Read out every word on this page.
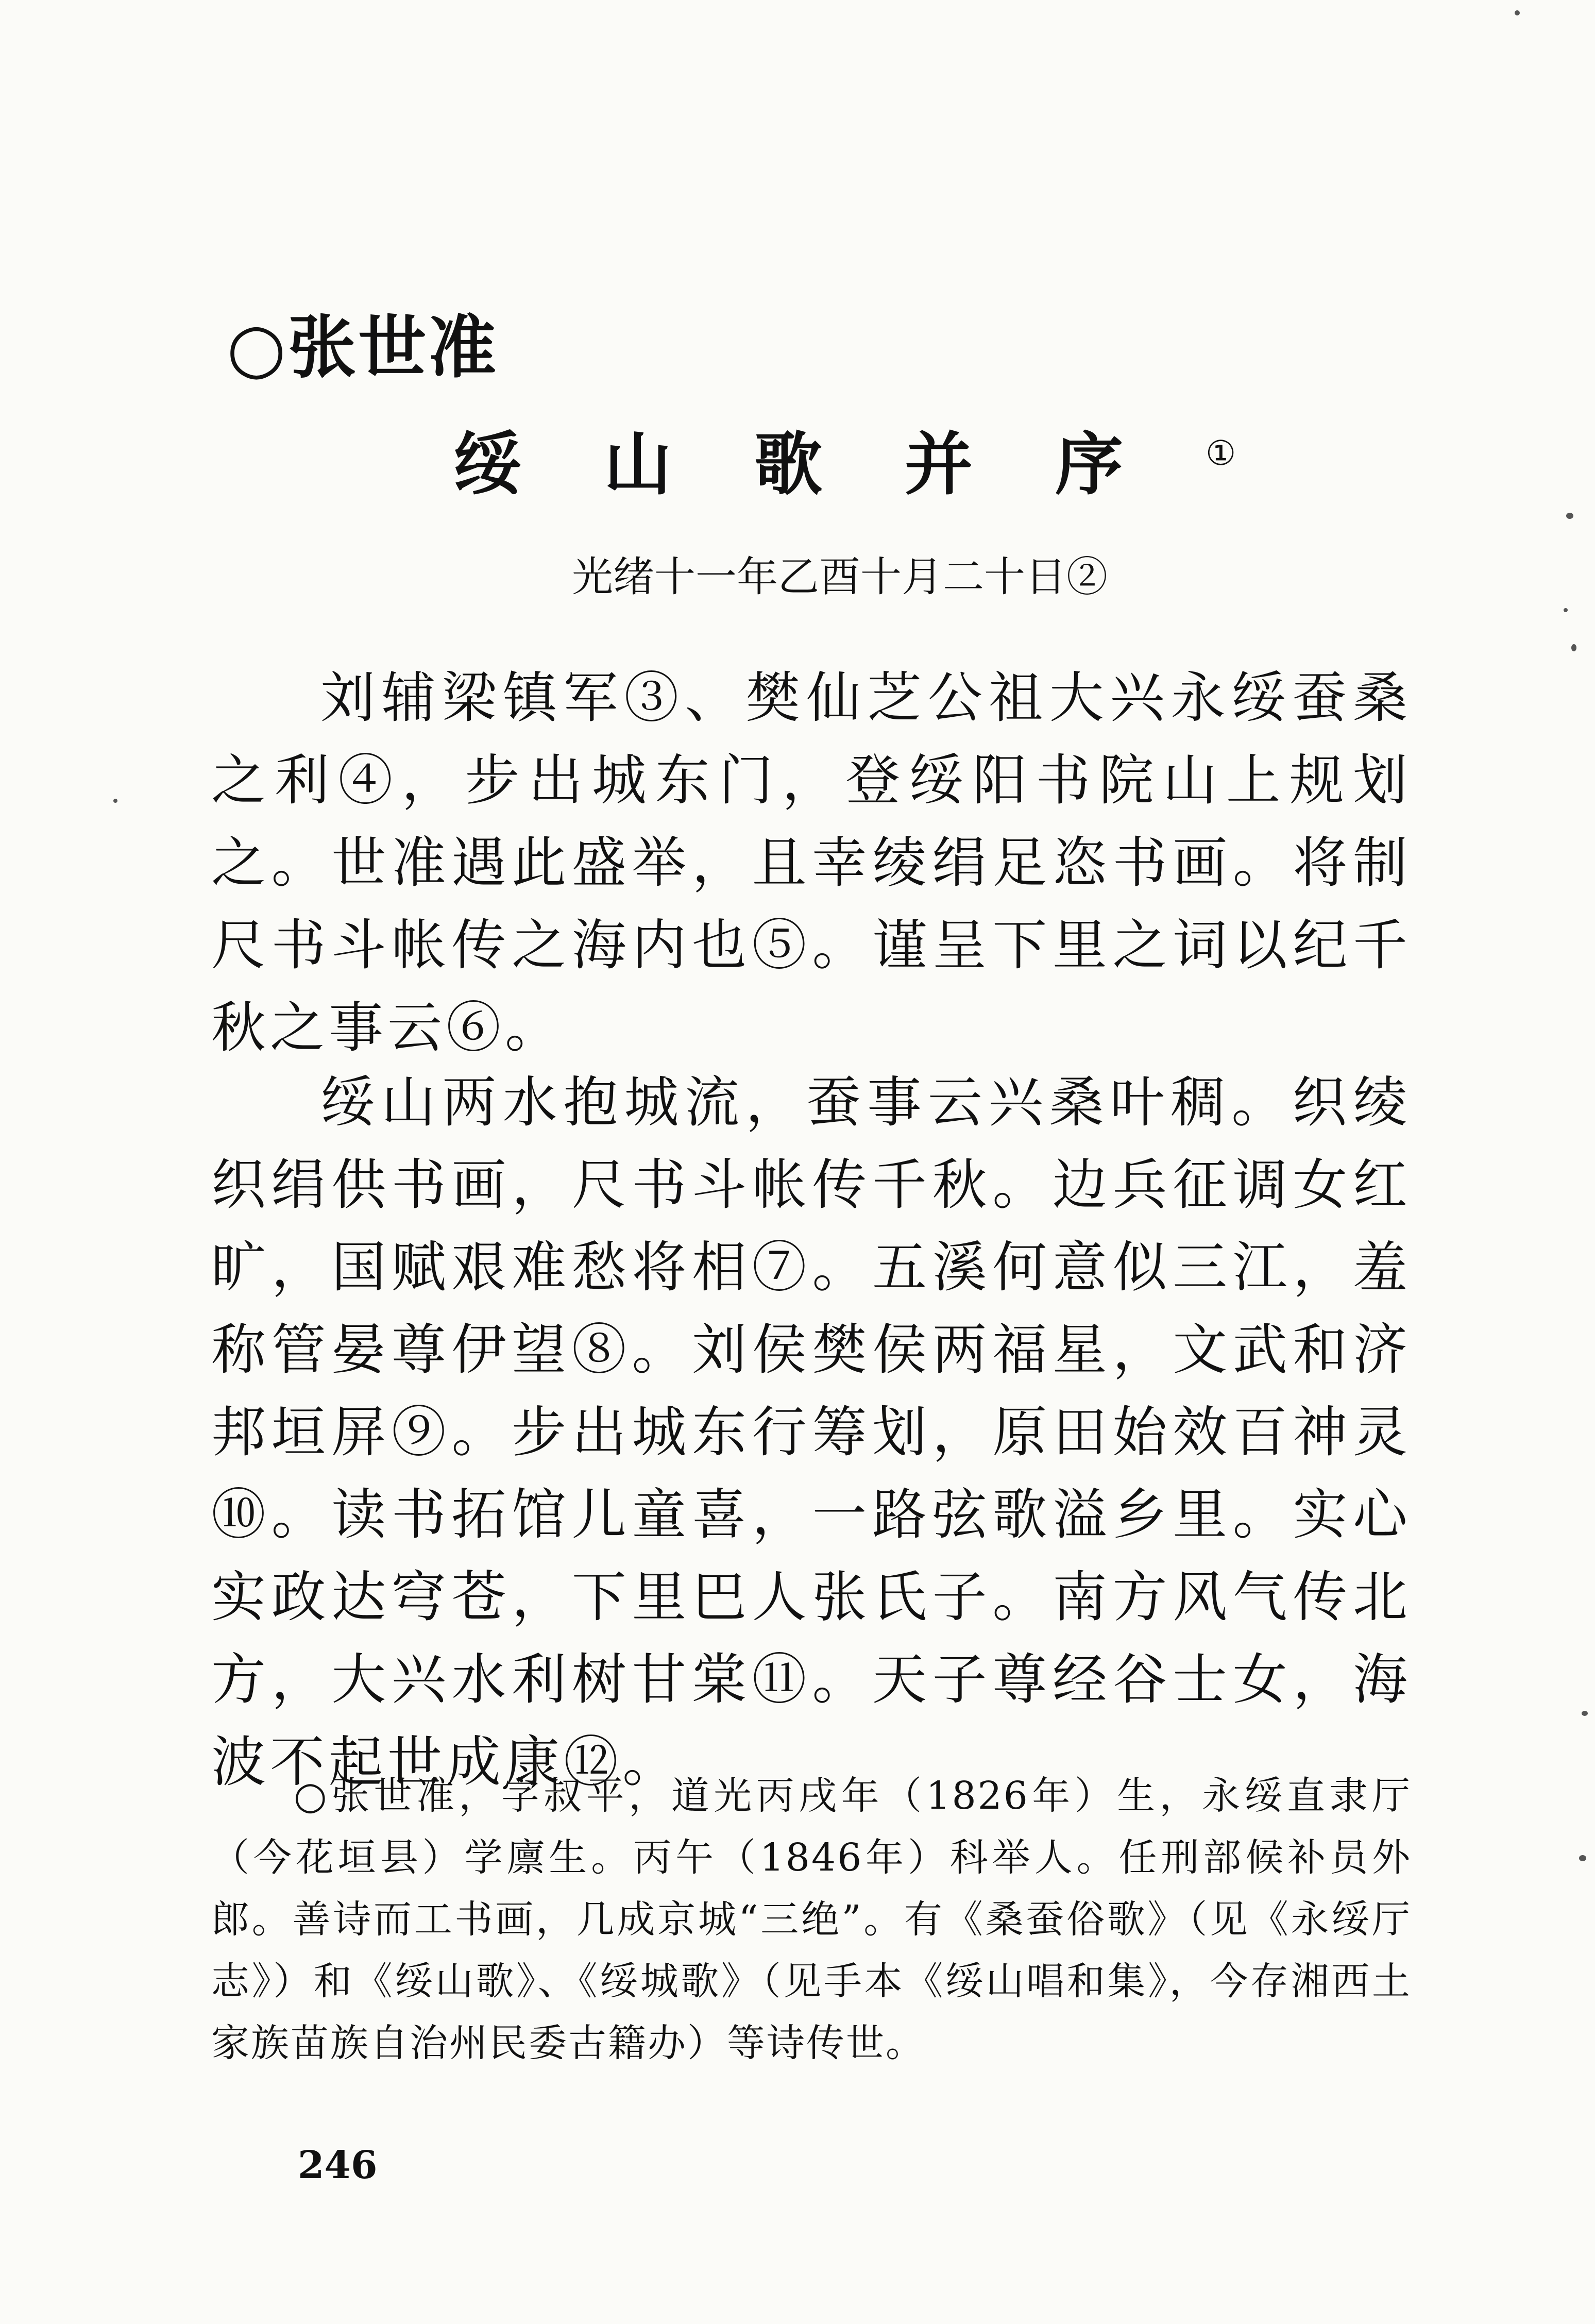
○张世准
绥山歌并序①
光绪十一年乙酉十月二十日②

刘辅梁镇军③、樊仙芝公祖大兴永绥蚕桑之利④，步出城东门，登绥阳书院山上规划之。世准遇此盛举，且幸绫绢足恣书画。将制尺书斗帐传之海内也⑤。谨呈下里之词以纪千秋之事云⑥。

绥山两水抱城流，蚕事云兴桑叶稠。织绫织绢供书画，尺书斗帐传千秋。边兵征调女红旷，国赋艰难愁将相⑦。五溪何意似三江，羞称管晏尊伊望⑧。刘侯樊侯两福星，文武和济邦垣屏⑨。步出城东行筹划，原田始效百神灵⑩。读书拓馆儿童喜，一路弦歌溢乡里。实心实政达穹苍，下里巴人张氏子。南方风气传北方，大兴水利树甘棠⑪。天子尊经谷士女，海波不起世成康⑫。

○张世准，字叔平，道光丙戌年（1826年）生，永绥直隶厅（今花垣县）学廪生。丙午（1846年）科举人。任刑部候补员外郎。善诗而工书画，几成京城“三绝”。有《桑蚕俗歌》（见《永绥厅志》）和《绥山歌》、《绥城歌》（见手本《绥山唱和集》，今存湘西土家族苗族自治州民委古籍办）等诗传世。

246
